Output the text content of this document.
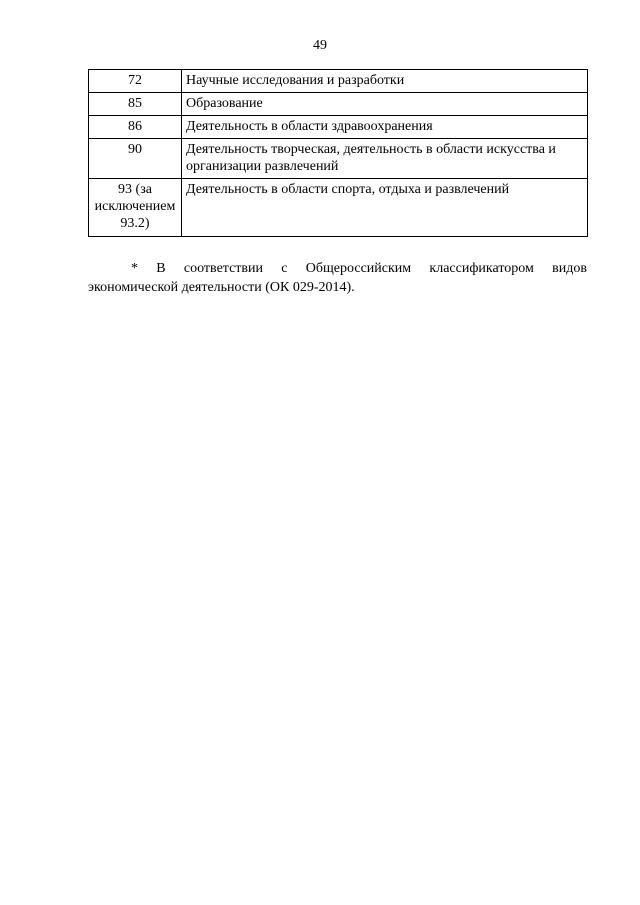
49
72	Научные исследования и разработки
85	Образование
86	Деятельность в области здравоохранения
90	Деятельность творческая, деятельность в области искусства и организации развлечений
93 (за исключением 93.2)	Деятельность в области спорта, отдыха и развлечений

* В соответствии с Общероссийским классификатором видов экономической деятельности (ОК 029-2014).
